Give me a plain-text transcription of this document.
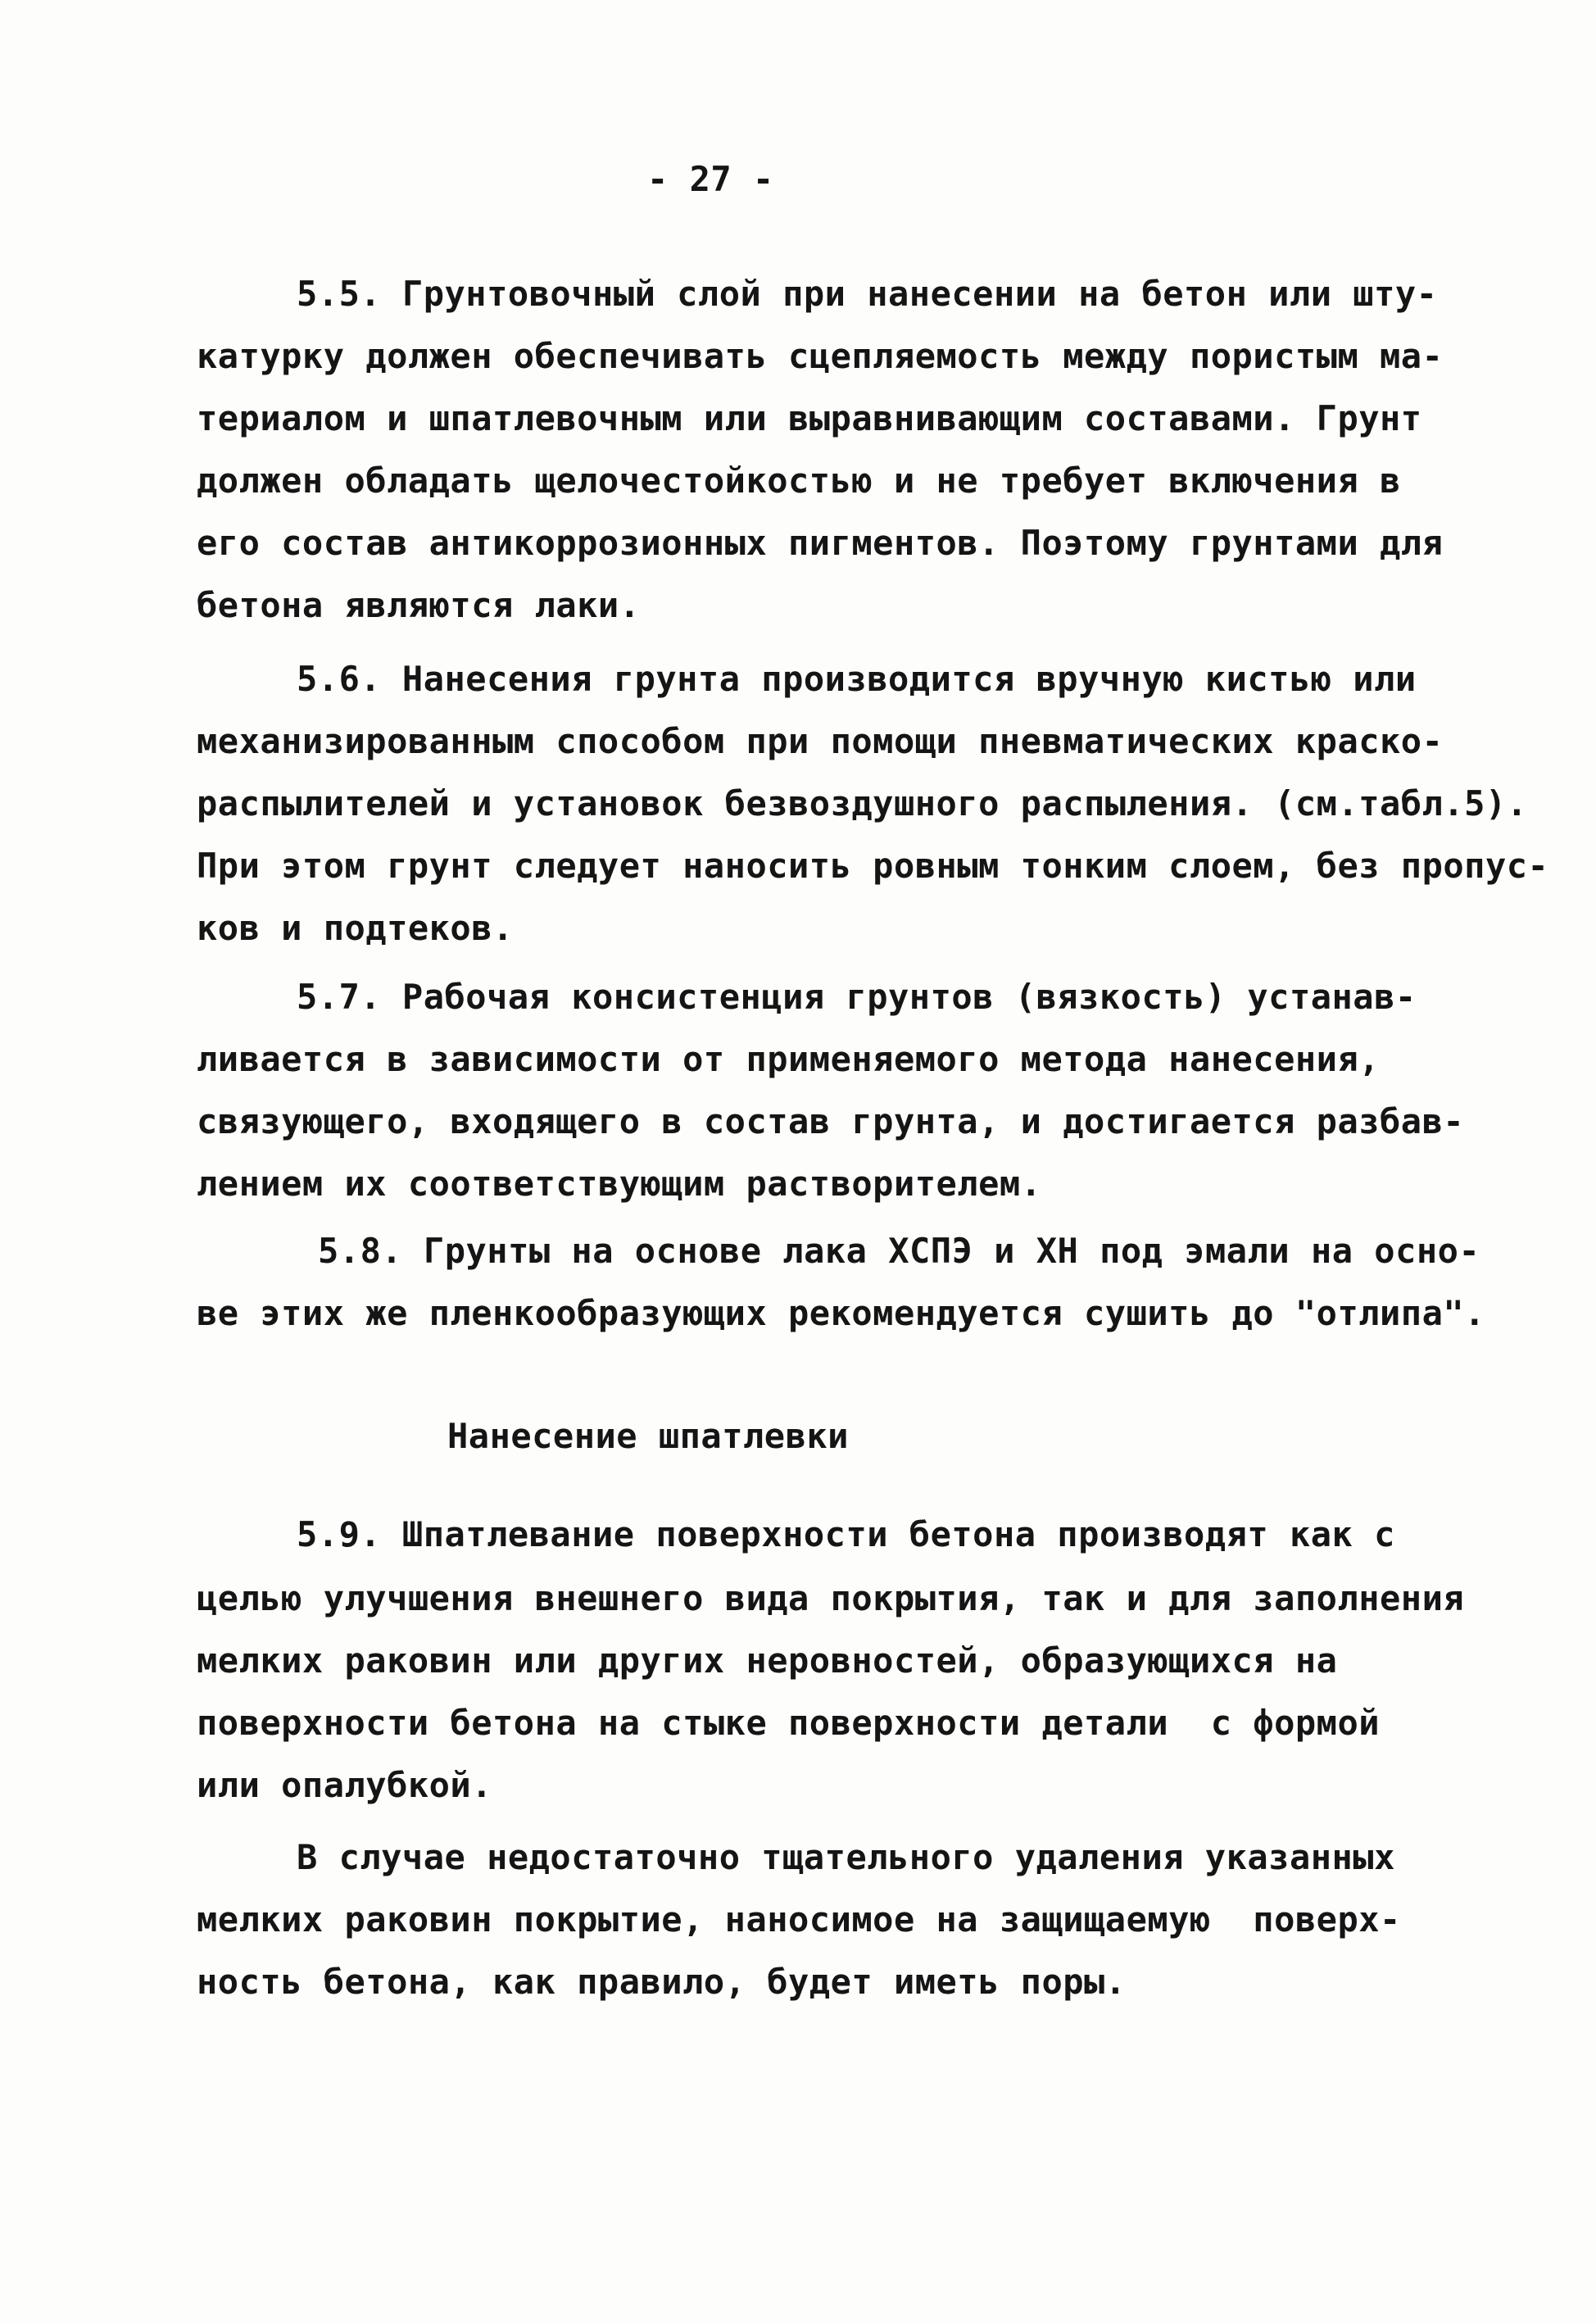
- 27 -
5.5. Грунтовочный слой при нанесении на бетон или шту-
катурку должен обеспечивать сцепляемость между пористым ма-
териалом и шпатлевочным или выравнивающим составами. Грунт
должен обладать щелочестойкостью и не требует включения в
его состав антикоррозионных пигментов. Поэтому грунтами для
бетона являются лаки.
5.6. Нанесения грунта производится вручную кистью или
механизированным способом при помощи пневматических краско-
распылителей и установок безвоздушного распыления. (см.табл.5).
При этом грунт следует наносить ровным тонким слоем, без пропус-
ков и подтеков.
5.7. Рабочая консистенция грунтов (вязкость) устанав-
ливается в зависимости от применяемого метода нанесения,
связующего, входящего в состав грунта, и достигается разбав-
лением их соответствующим растворителем.
5.8. Грунты на основе лака ХСПЭ и ХН под эмали на осно-
ве этих же пленкообразующих рекомендуется сушить до "отлипа".
Нанесение шпатлевки
5.9. Шпатлевание поверхности бетона производят как с
целью улучшения внешнего вида покрытия, так и для заполнения
мелких раковин или других неровностей, образующихся на
поверхности бетона на стыке поверхности детали  с формой
или опалубкой.
В случае недостаточно тщательного удаления указанных
мелких раковин покрытие, наносимое на защищаемую  поверх-
ность бетона, как правило, будет иметь поры.
